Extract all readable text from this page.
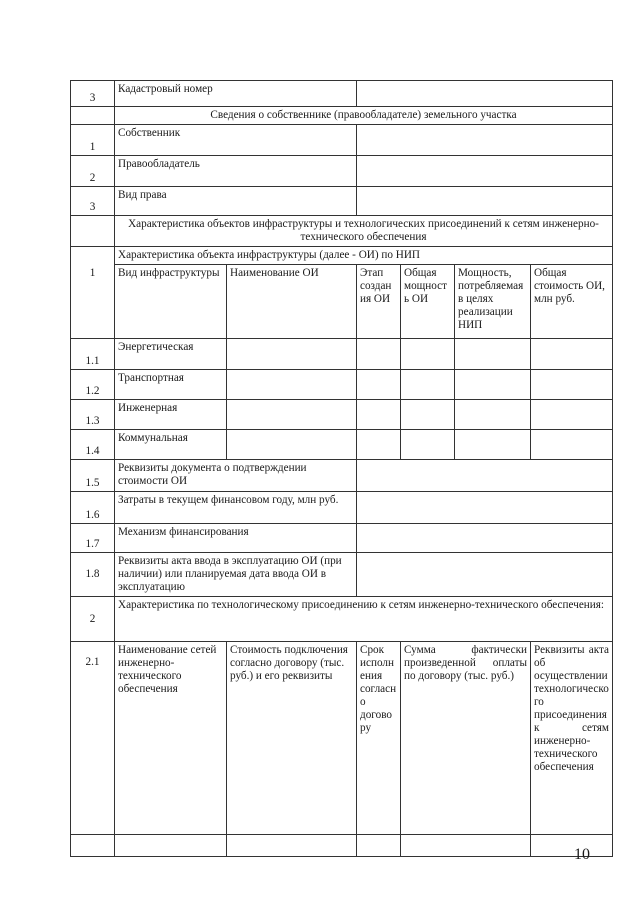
3	Кадастровый номер					
	Сведения о собственнике (правообладателе) земельного участка					
1	Собственник					
2	Правообладатель					
3	Вид права					
	Характеристика объектов инфраструктуры и технологических присоединений к сетям инженерно-технического обеспечения					
1	Характеристика объекта инфраструктуры (далее - ОИ) по НИП					
	Вид инфраструктуры	Наименование ОИ	Этап создания ОИ	Общая мощность ОИ	Мощность, потребляемая в целях реализации НИП	Общая стоимость ОИ, млн руб.
1.1	Энергетическая					
1.2	Транспортная					
1.3	Инженерная					
1.4	Коммунальная					
1.5	Реквизиты документа о подтверждении стоимости ОИ					
1.6	Затраты в текущем финансовом году, млн руб.					
1.7	Механизм финансирования					
1.8	Реквизиты акта ввода в эксплуатацию ОИ (при наличии) или планируемая дата ввода ОИ в эксплуатацию					
2	Характеристика по технологическому присоединению к сетям инженерно-технического обеспечения:					
2.1	Наименование сетей инженерно-технического обеспечения	Стоимость подключения согласно договору (тыс. руб.) и его реквизиты	Срок исполнения согласно договору	Сумма фактически произведенной оплаты по договору (тыс. руб.)		Реквизиты акта об осуществлении технологического присоединения к сетям инженерно-технического обеспечения

10
